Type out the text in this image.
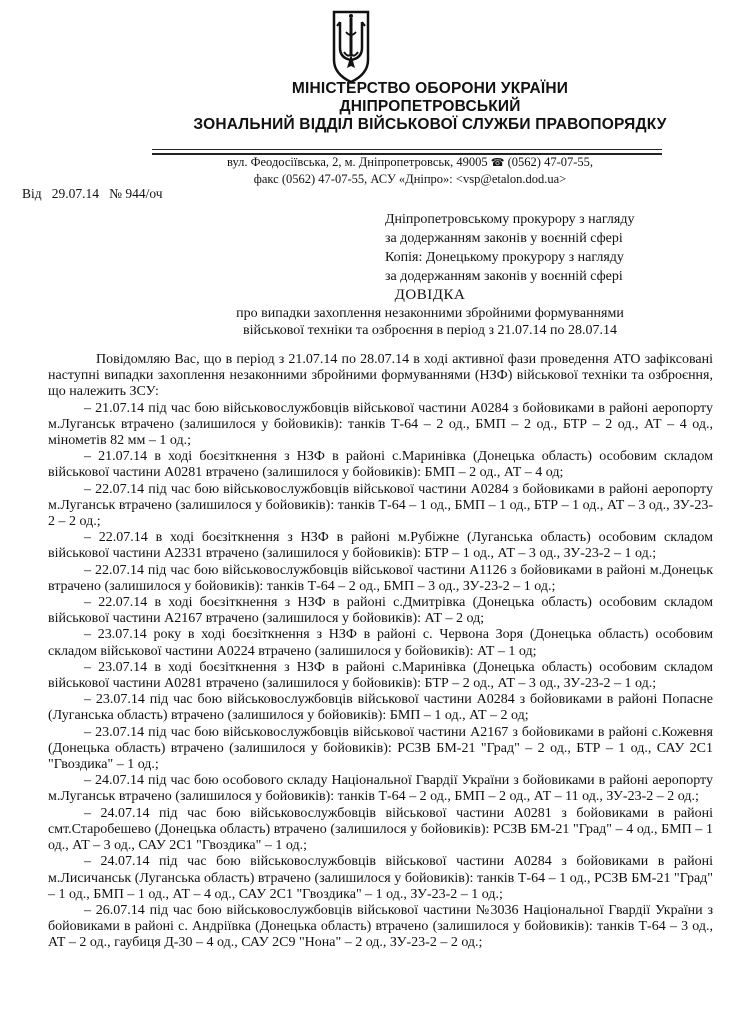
МІНІСТЕРСТВО ОБОРОНИ УКРАЇНИ
ДНІПРОПЕТРОВСЬКИЙ
ЗОНАЛЬНИЙ ВІДДІЛ ВІЙСЬКОВОЇ СЛУЖБИ ПРАВОПОРЯДКУ
вул. Феодосіївська, 2, м. Дніпропетровськ, 49005 ☎ (0562) 47-07-55,
факс (0562) 47-07-55, АСУ «Дніпро»: <vsp@etalon.dod.ua>
Від 29.07.14 № 944/оч
Дніпропетровському прокурору з нагляду
за додержанням законів у воєнній сфері
Копія: Донецькому прокурору з нагляду
за додержанням законів у воєнній сфері
ДОВІДКА
про випадки захоплення незаконними збройними формуваннями
військової техніки та озброєння в період з 21.07.14 по 28.07.14

Повідомляю Вас, що в період з 21.07.14 по 28.07.14 в ході активної фази проведення АТО зафіксовані наступні випадки захоплення незаконними збройними формуваннями (НЗФ) військової техніки та озброєння, що належить ЗСУ:

– 21.07.14 під час бою військовослужбовців військової частини А0284 з бойовиками в районі аеропорту м.Луганськ втрачено (залишилося у бойовиків): танків Т-64 – 2 од., БМП – 2 од., БТР – 2 од., АТ – 4 од., мінометів 82 мм – 1 од.;

– 21.07.14 в ході боєзіткнення з НЗФ в районі с.Маринівка (Донецька область) особовим складом військової частини А0281 втрачено (залишилося у бойовиків): БМП – 2 од., АТ – 4 од;

– 22.07.14 під час бою військовослужбовців військової частини А0284 з бойовиками в районі аеропорту м.Луганськ втрачено (залишилося у бойовиків): танків Т-64 – 1 од., БМП – 1 од., БТР – 1 од., АТ – 3 од., ЗУ-23-2 – 2 од.;

– 22.07.14 в ході боєзіткнення з НЗФ в районі м.Рубіжне (Луганська область) особовим складом військової частини А2331 втрачено (залишилося у бойовиків): БТР – 1 од., АТ – 3 од., ЗУ-23-2 – 1 од.;

– 22.07.14 під час бою військовослужбовців військової частини А1126 з бойовиками в районі м.Донецьк втрачено (залишилося у бойовиків): танків Т-64 – 2 од., БМП – 3 од., ЗУ-23-2 – 1 од.;

– 22.07.14 в ході боєзіткнення з НЗФ в районі с.Дмитрівка (Донецька область) особовим складом військової частини А2167 втрачено (залишилося у бойовиків): АТ – 2 од;

– 23.07.14 року в ході боєзіткнення з НЗФ в районі с. Червона Зоря (Донецька область) особовим складом військової частини А0224 втрачено (залишилося у бойовиків): АТ – 1 од;

– 23.07.14 в ході боєзіткнення з НЗФ в районі с.Маринівка (Донецька область) особовим складом військової частини А0281 втрачено (залишилося у бойовиків): БТР – 2 од., АТ – 3 од., ЗУ-23-2 – 1 од.;

– 23.07.14 під час бою військовослужбовців військової частини А0284 з бойовиками в районі Попасне (Луганська область) втрачено (залишилося у бойовиків): БМП – 1 од., АТ – 2 од;

– 23.07.14 під час бою військовослужбовців військової частини А2167 з бойовиками в районі с.Кожевня (Донецька область) втрачено (залишилося у бойовиків): РСЗВ БМ-21 "Град" – 2 од., БТР – 1 од., САУ 2С1 "Гвоздика" – 1 од.;

– 24.07.14 під час бою особового складу Національної Гвардії України з бойовиками в районі аеропорту м.Луганськ втрачено (залишилося у бойовиків): танків Т-64 – 2 од., БМП – 2 од., АТ – 11 од., ЗУ-23-2 – 2 од.;

– 24.07.14 під час бою військовослужбовців військової частини А0281 з бойовиками в районі смт.Старобешево (Донецька область) втрачено (залишилося у бойовиків): РСЗВ БМ-21 "Град" – 4 од., БМП – 1 од., АТ – 3 од., САУ 2С1 "Гвоздика" – 1 од.;

– 24.07.14 під час бою військовослужбовців військової частини А0284 з бойовиками в районі м.Лисичанськ (Луганська область) втрачено (залишилося у бойовиків): танків Т-64 – 1 од., РСЗВ БМ-21 "Град" – 1 од., БМП – 1 од., АТ – 4 од., САУ 2С1 "Гвоздика" – 1 од., ЗУ-23-2 – 1 од.;

– 26.07.14 під час бою військовослужбовців військової частини №3036 Національної Гвардії України з бойовиками в районі с. Андріївка (Донецька область) втрачено (залишилося у бойовиків): танків Т-64 – 3 од., АТ – 2 од., гаубиця Д-30 – 4 од., САУ 2С9 "Нона" – 2 од., ЗУ-23-2 – 2 од.;
